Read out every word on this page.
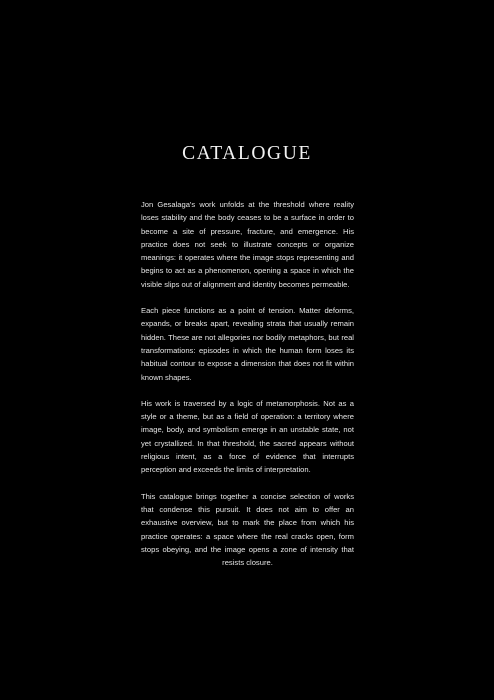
CATALOGUE

Jon Gesalaga's work unfolds at the threshold where reality loses stability and the body ceases to be a surface in order to become a site of pressure, fracture, and emergence. His practice does not seek to illustrate concepts or organize meanings: it operates where the image stops representing and begins to act as a phenomenon, opening a space in which the visible slips out of alignment and identity becomes permeable.

Each piece functions as a point of tension. Matter deforms, expands, or breaks apart, revealing strata that usually remain hidden. These are not allegories nor bodily metaphors, but real transformations: episodes in which the human form loses its habitual contour to expose a dimension that does not fit within known shapes.

His work is traversed by a logic of metamorphosis. Not as a style or a theme, but as a field of operation: a territory where image, body, and symbolism emerge in an unstable state, not yet crystallized. In that threshold, the sacred appears without religious intent, as a force of evidence that interrupts perception and exceeds the limits of interpretation.

This catalogue brings together a concise selection of works that condense this pursuit. It does not aim to offer an exhaustive overview, but to mark the place from which his practice operates: a space where the real cracks open, form stops obeying, and the image opens a zone of intensity that resists closure.
